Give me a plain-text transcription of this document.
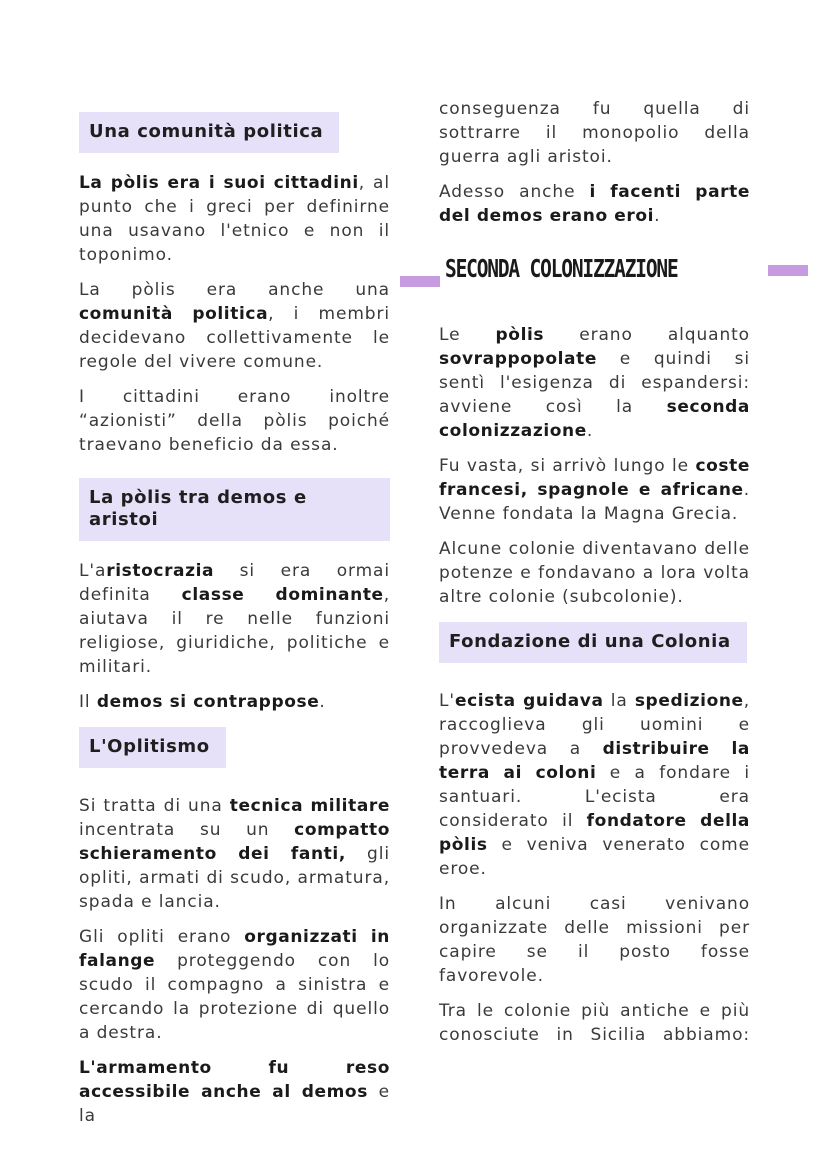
Una comunità politica

La pòlis era i suoi cittadini, al punto che i greci per definirne una usavano l'etnico e non il toponimo.

La pòlis era anche una comunità politica, i membri decidevano collettivamente le regole del vivere comune.

I cittadini erano inoltre “azionisti” della pòlis poiché traevano beneficio da essa.

La pòlis tra demos e aristoi

L'aristocrazia si era ormai definita classe dominante, aiutava il re nelle funzioni religiose, giuridiche, politiche e militari.

Il demos si contrappose.

L'Oplitismo

Si tratta di una tecnica militare incentrata su un compatto schieramento dei fanti, gli opliti, armati di scudo, armatura, spada e lancia.

Gli opliti erano organizzati in falange proteggendo con lo scudo il compagno a sinistra e cercando la protezione di quello a destra.

L'armamento fu reso accessibile anche al demos e la

SECONDA COLONIZZAZIONE

conseguenza fu quella di sottrarre il monopolio della guerra agli aristoi.

Adesso anche i facenti parte del demos erano eroi.

Le pòlis erano alquanto sovrappopolate e quindi si sentì l'esigenza di espandersi: avviene così la seconda colonizzazione.

Fu vasta, si arrivò lungo le coste francesi, spagnole e africane. Venne fondata la Magna Grecia.

Alcune colonie diventavano delle potenze e fondavano a lora volta altre colonie (subcolonie).

Fondazione di una Colonia

L'ecista guidava la spedizione, raccoglieva gli uomini e provvedeva a distribuire la terra ai coloni e a fondare i santuari. L'ecista era considerato il fondatore della pòlis e veniva venerato come eroe.

In alcuni casi venivano organizzate delle missioni per capire se il posto fosse favorevole.

Tra le colonie più antiche e più conosciute in Sicilia abbiamo:
